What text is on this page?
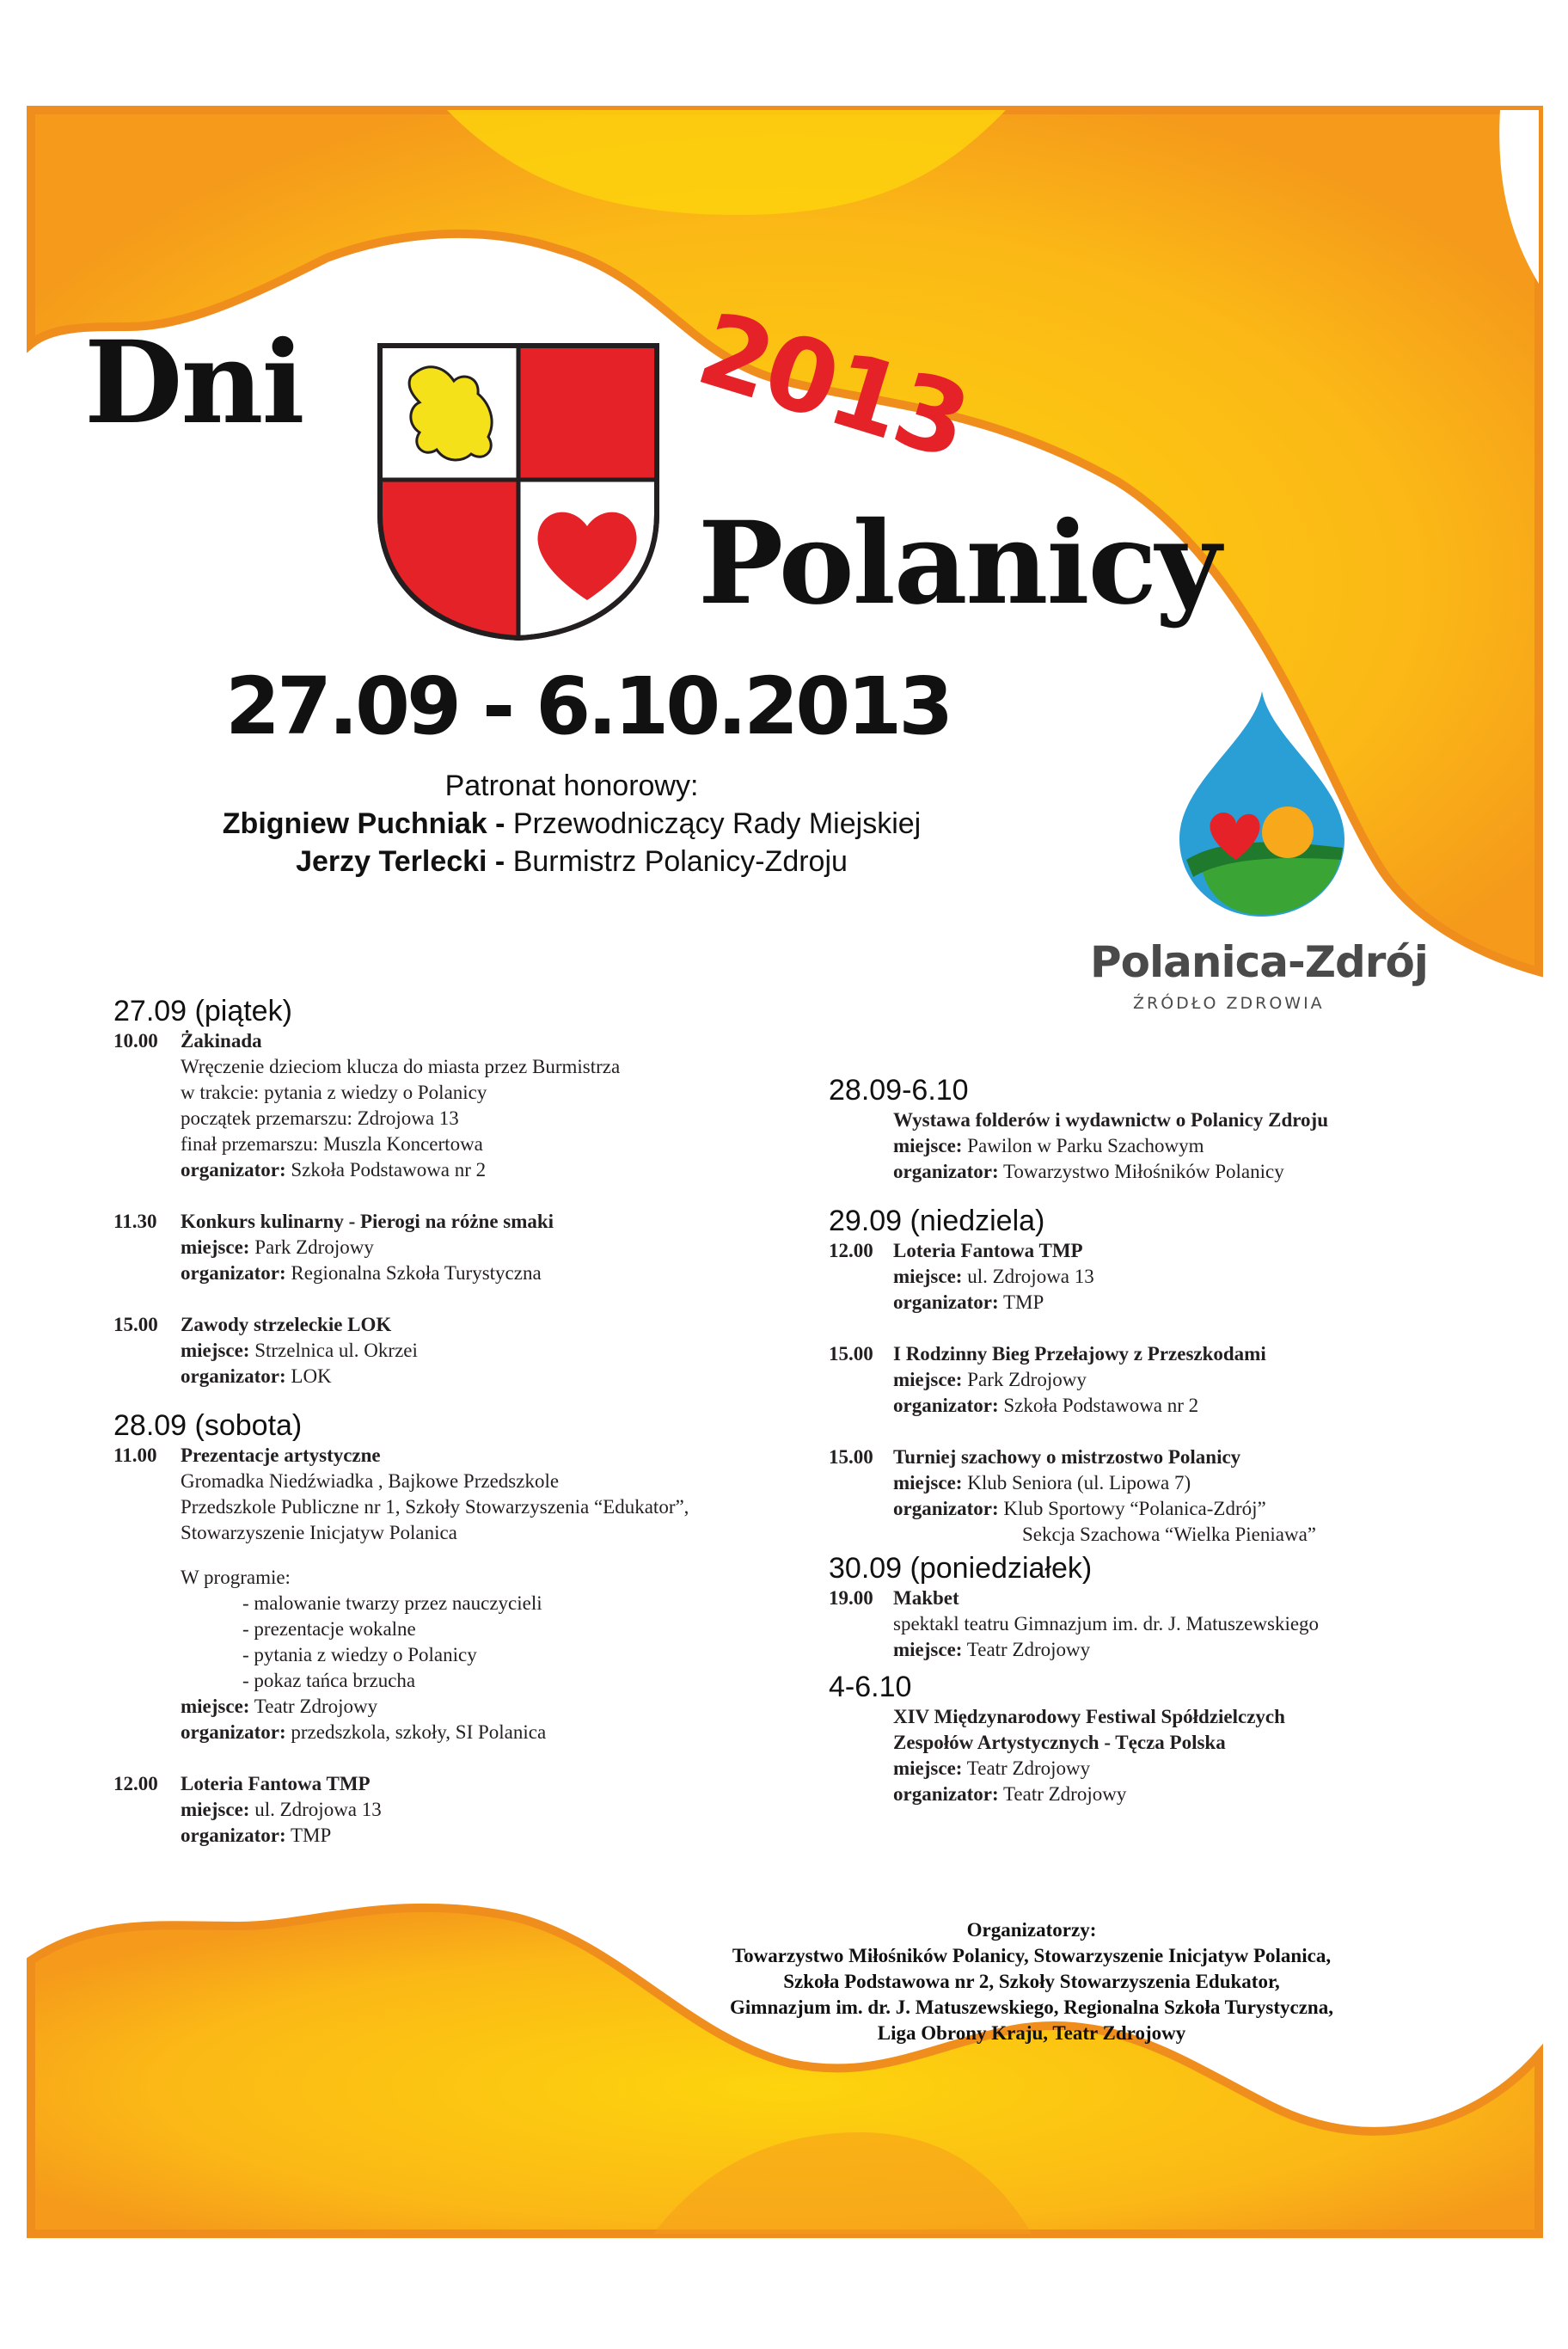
Dni	2013
Polanicy
27.09 - 6.10.2013
Patronat honorowy:
Zbigniew Puchniak - Przewodniczący Rady Miejskiej
Jerzy Terlecki - Burmistrz Polanicy-Zdroju
Polanica-Zdrój
ŹRÓDŁO ZDROWIA
27.09 (piątek)
10.00 Żakinada
Wręczenie dzieciom klucza do miasta przez Burmistrza
w trakcie: pytania z wiedzy o Polanicy
początek przemarszu: Zdrojowa 13
finał przemarszu: Muszla Koncertowa
organizator: Szkoła Podstawowa nr 2
11.30 Konkurs kulinarny - Pierogi na różne smaki
miejsce: Park Zdrojowy
organizator: Regionalna Szkoła Turystyczna
15.00 Zawody strzeleckie LOK
miejsce: Strzelnica ul. Okrzei
organizator: LOK
28.09 (sobota)
11.00 Prezentacje artystyczne
Gromadka Niedźwiadka , Bajkowe Przedszkole
Przedszkole Publiczne nr 1, Szkoły Stowarzyszenia “Edukator”,
Stowarzyszenie Inicjatyw Polanica
W programie:
- malowanie twarzy przez nauczycieli
- prezentacje wokalne
- pytania z wiedzy o Polanicy
- pokaz tańca brzucha
miejsce: Teatr Zdrojowy
organizator: przedszkola, szkoły, SI Polanica
12.00 Loteria Fantowa TMP
miejsce: ul. Zdrojowa 13
organizator: TMP
28.09-6.10
Wystawa folderów i wydawnictw o Polanicy Zdroju
miejsce: Pawilon w Parku Szachowym
organizator: Towarzystwo Miłośników Polanicy
29.09 (niedziela)
12.00 Loteria Fantowa TMP
miejsce: ul. Zdrojowa 13
organizator: TMP
15.00 I Rodzinny Bieg Przełajowy z Przeszkodami
miejsce: Park Zdrojowy
organizator: Szkoła Podstawowa nr 2
15.00 Turniej szachowy o mistrzostwo Polanicy
miejsce: Klub Seniora (ul. Lipowa 7)
organizator: Klub Sportowy “Polanica-Zdrój”
Sekcja Szachowa “Wielka Pieniawa”
30.09 (poniedziałek)
19.00 Makbet
spektakl teatru Gimnazjum im. dr. J. Matuszewskiego
miejsce: Teatr Zdrojowy
4-6.10
XIV Międzynarodowy Festiwal Spółdzielczych
Zespołów Artystycznych - Tęcza Polska
miejsce: Teatr Zdrojowy
organizator: Teatr Zdrojowy
Organizatorzy:
Towarzystwo Miłośników Polanicy, Stowarzyszenie Inicjatyw Polanica,
Szkoła Podstawowa nr 2, Szkoły Stowarzyszenia Edukator,
Gimnazjum im. dr. J. Matuszewskiego, Regionalna Szkoła Turystyczna,
Liga Obrony Kraju, Teatr Zdrojowy
